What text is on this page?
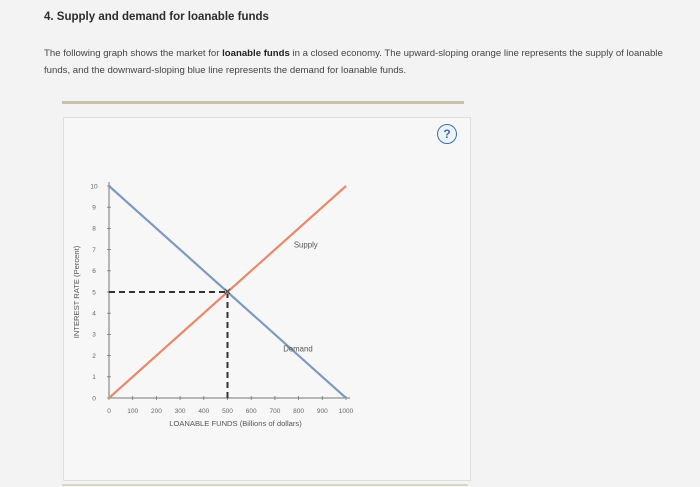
4. Supply and demand for loanable funds
The following graph shows the market for loanable funds in a closed economy. The upward-sloping orange line represents the supply of loanable
funds, and the downward-sloping blue line represents the demand for loanable funds.
?
0
1
2
3
4
5
6
7
8
9
10
0	100 200 300 400 500 600 700 800 900 1000
LOANABLE FUNDS (Billions of dollars)
INTEREST RATE (Percent)	✕
Supply
Demand
